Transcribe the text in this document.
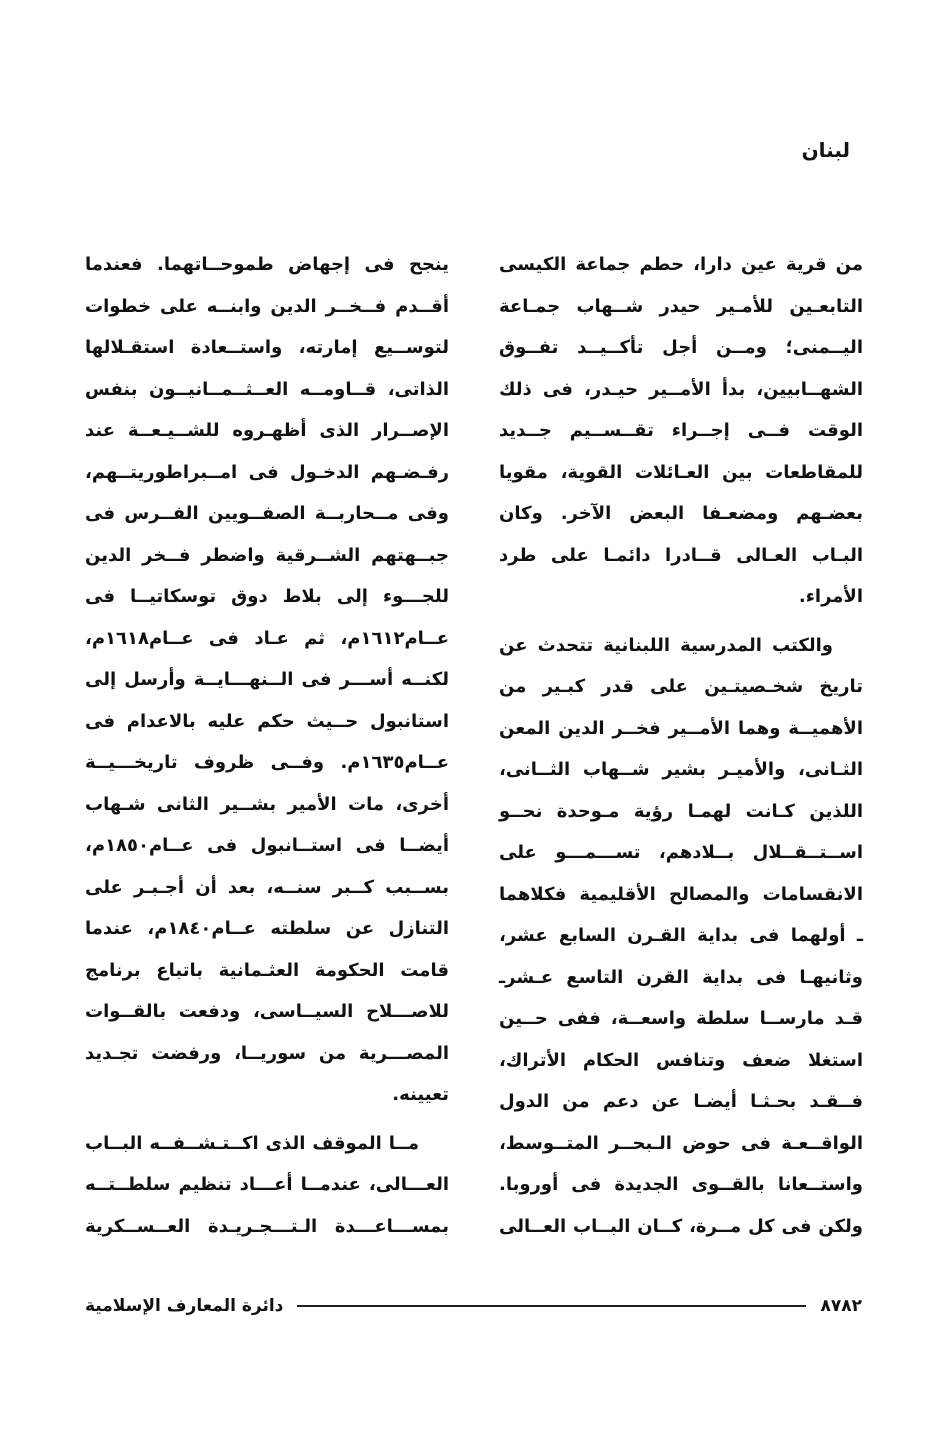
لبنان
من قرية عين دارا، حطم جماعة الكيسى
التابعـين للأمـير حيدر شــهاب جمـاعة
اليــمنى؛ ومــن أجل تأكــيــد تفــوق
الشهــابيين، بدأ الأمــير حيـدر، فى ذلك
الوقت فــى إجــراء تقــســيم جــديد
للمقاطعات بين العـائلات القوية، مقويا
بعضـهم ومضعـفا البعض الآخر. وكان
البـاب العـالى قــادرا دائمـا على طرد
الأمراء.
والكتب المدرسية اللبنانية تتحدث عن
تاريخ شخـصيتـين على قدر كبـير من
الأهميــة وهما الأمــير فخــر الدين المعن
الثـانى، والأميـر بشير شــهاب الثــانى،
اللذين كـانت لهمـا رؤية مـوحدة نحــو
اســتــقــلال بــلادهم، تســـمـــو على
الانقسامات والمصالح الأقليمية فكلاهما
ـ أولهما فى بداية القـرن السابع عشر،
وثانيهـا فى بداية القرن التاسع عـشرـ
قـد مارســا سلطة واسعــة، ففى حــين
استغلا ضعف وتنافس الحكام الأتراك،
فــقـد بحـثـا أيضـا عن دعم من الدول
الواقــعـة فى حوض الـبحــر المتــوسط،
واستــعانا بالقــوى الجديدة فى أوروبا.
ولكن فى كل مــرة، كــان البــاب العــالى
ينجح فى إجهاض طموحــاتهما. فعندما
أقــدم فــخــر الدين وابنــه على خطوات
لتوســيع إمارته، واستــعادة استقـلالها
الذاتى، قــاومــه العــثــمــانيــون بنفس
الإصــرار الذى أظهـروه للشــيـعــة عند
رفـضـهم الدخـول فى امــبراطوريتــهم،
وفى مــحاربــة الصفــويين الفــرس فى
جبــهتهم الشــرقية واضطر فــخر الدين
للجـــوء إلى بلاط دوق توسكاتيــا فى
عــام١٦١٢م، ثم عـاد فى عــام١٦١٨م،
لكنــه أســـر فى الــنهـــايــة وأرسل إلى
استانبول حــيث حكم عليه بالاعدام فى
عــام١٦٣٥م. وفــى ظروف تاريخـــيــة
أخرى، مات الأمير بشــير الثانى شـهاب
أيضــا فى استــانبول فى عــام١٨٥٠م،
بســبب كــبر سنــه، بعد أن أجـبـر على
التنازل عن سلطته عــام١٨٤٠م، عندما
قامت الحكومة العثـمانية باتباع برنامج
للاصـــلاح السيــاسى، ودفعت بالقــوات
المصـــرية من سوريــا، ورفضت تجـديد
تعيينه.
مــا الموقف الذى اكــتـشــفــه البــاب
العـــالى، عندمــا أعـــاد تنظيم سلطــتــه
بمســـاعـــدة الـتـــجـريـدة العــســكرية
٨٧٨٢
دائرة المعارف الإسلامية
